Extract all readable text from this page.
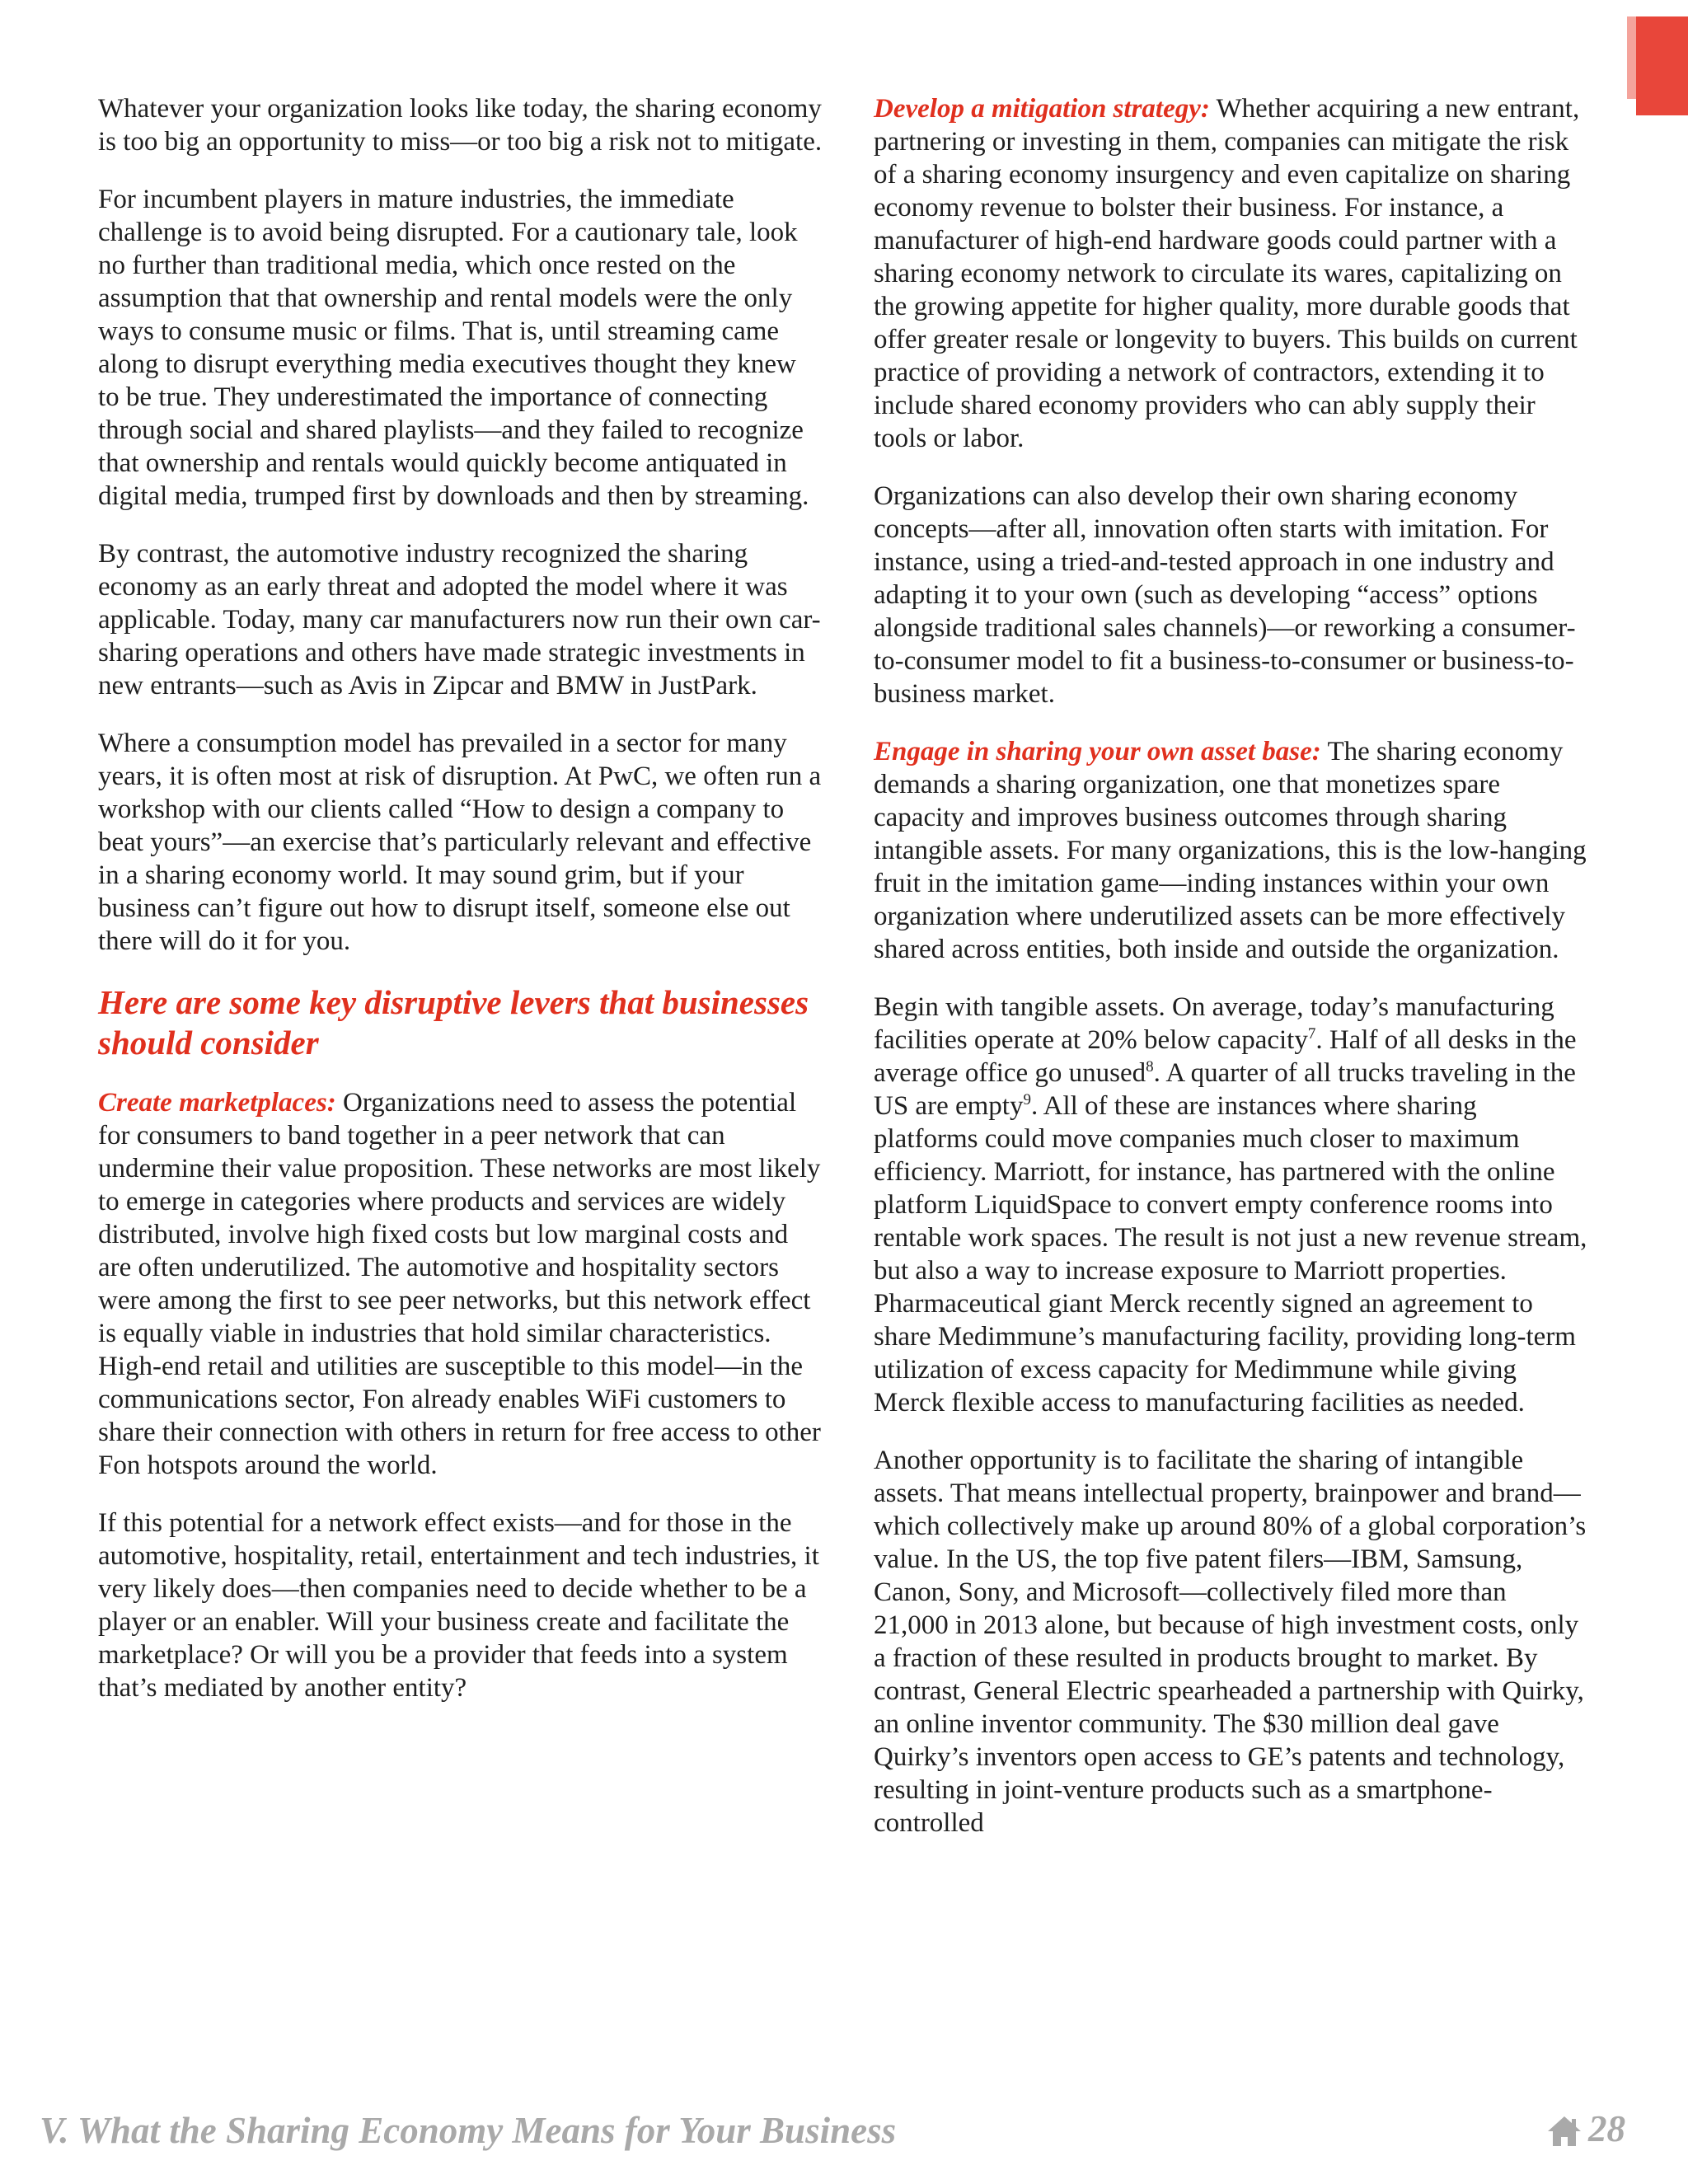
Whatever your organization looks like today, the sharing economy is too big an opportunity to miss—or too big a risk not to mitigate.

For incumbent players in mature industries, the immediate challenge is to avoid being disrupted. For a cautionary tale, look no further than traditional media, which once rested on the assumption that that ownership and rental models were the only ways to consume music or films. That is, until streaming came along to disrupt everything media executives thought they knew to be true. They underestimated the importance of connecting through social and shared playlists—and they failed to recognize that ownership and rentals would quickly become antiquated in digital media, trumped first by downloads and then by streaming.

By contrast, the automotive industry recognized the sharing economy as an early threat and adopted the model where it was applicable. Today, many car manufacturers now run their own car-sharing operations and others have made strategic investments in new entrants—such as Avis in Zipcar and BMW in JustPark.

Where a consumption model has prevailed in a sector for many years, it is often most at risk of disruption. At PwC, we often run a workshop with our clients called “How to design a company to beat yours”—an exercise that’s particularly relevant and effective in a sharing economy world. It may sound grim, but if your business can’t figure out how to disrupt itself, someone else out there will do it for you.

Here are some key disruptive levers that businesses should consider

Create marketplaces: Organizations need to assess the potential for consumers to band together in a peer network that can undermine their value proposition. These networks are most likely to emerge in categories where products and services are widely distributed, involve high fixed costs but low marginal costs and are often underutilized. The automotive and hospitality sectors were among the first to see peer networks, but this network effect is equally viable in industries that hold similar characteristics. High-end retail and utilities are susceptible to this model—in the communications sector, Fon already enables WiFi customers to share their connection with others in return for free access to other Fon hotspots around the world.

If this potential for a network effect exists—and for those in the automotive, hospitality, retail, entertainment and tech industries, it very likely does—then companies need to decide whether to be a player or an enabler. Will your business create and facilitate the marketplace? Or will you be a provider that feeds into a system that’s mediated by another entity?

Develop a mitigation strategy: Whether acquiring a new entrant, partnering or investing in them, companies can mitigate the risk of a sharing economy insurgency and even capitalize on sharing economy revenue to bolster their business. For instance, a manufacturer of high-end hardware goods could partner with a sharing economy network to circulate its wares, capitalizing on the growing appetite for higher quality, more durable goods that offer greater resale or longevity to buyers. This builds on current practice of providing a network of contractors, extending it to include shared economy providers who can ably supply their tools or labor.

Organizations can also develop their own sharing economy concepts—after all, innovation often starts with imitation. For instance, using a tried-and-tested approach in one industry and adapting it to your own (such as developing “access” options alongside traditional sales channels)—or reworking a consumer-to-consumer model to fit a business-to-consumer or business-to-business market.

Engage in sharing your own asset base: The sharing economy demands a sharing organization, one that monetizes spare capacity and improves business outcomes through sharing intangible assets. For many organizations, this is the low-hanging fruit in the imitation game—inding instances within your own organization where underutilized assets can be more effectively shared across entities, both inside and outside the organization.

Begin with tangible assets. On average, today’s manufacturing facilities operate at 20% below capacity$^7$. Half of all desks in the average office go unused$^8$. A quarter of all trucks traveling in the US are empty$^9$. All of these are instances where sharing platforms could move companies much closer to maximum efficiency. Marriott, for instance, has partnered with the online platform LiquidSpace to convert empty conference rooms into rentable work spaces. The result is not just a new revenue stream, but also a way to increase exposure to Marriott properties. Pharmaceutical giant Merck recently signed an agreement to share Medimmune’s manufacturing facility, providing long-term utilization of excess capacity for Medimmune while giving Merck flexible access to manufacturing facilities as needed.

Another opportunity is to facilitate the sharing of intangible assets. That means intellectual property, brainpower and brand—which collectively make up around 80% of a global corporation’s value. In the US, the top five patent filers—IBM, Samsung, Canon, Sony, and Microsoft—collectively filed more than 21,000 in 2013 alone, but because of high investment costs, only a fraction of these resulted in products brought to market. By contrast, General Electric spearheaded a partnership with Quirky, an online inventor community. The $30 million deal gave Quirky’s inventors open access to GE’s patents and technology, resulting in joint-venture products such as a smartphone-controlled

V. What the Sharing Economy Means for Your Business	28
